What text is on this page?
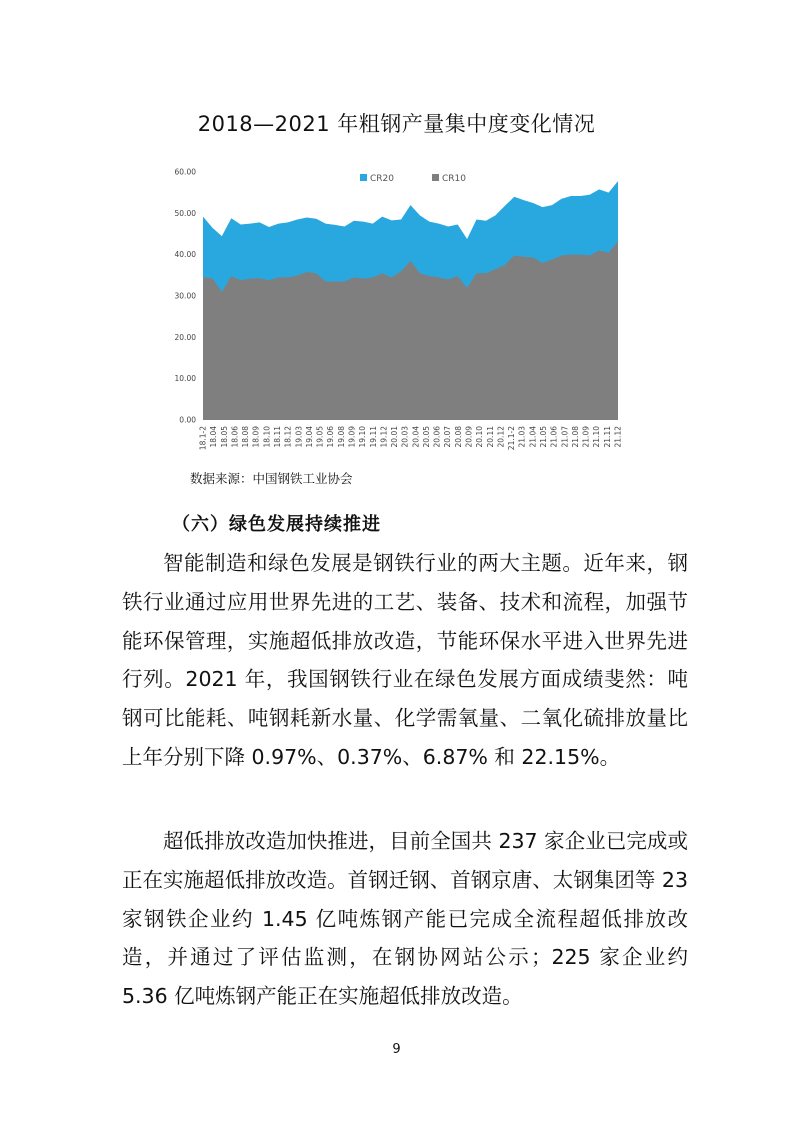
2018—2021 年粗钢产量集中度变化情况
CR20	CR10
0.00
10.00
20.00
30.00
40.00
50.00
60.00
18.1-2 18.04 18.05 18.06 18.08 18.09 18.10 18.11 18.12 19.03 19.04 19.05 19.06 19.08 19.09 19.10 19.11 19.12 20.01 20.03 20.04 20.05 20.06 20.07 20.08 20.09 20.10 20.11 20.12 21.1-2 21.03 21.04 21.05 21.06 21.07 21.08 21.09 21.10 21.11 21.12
数据来源：中国钢铁工业协会
（六）绿色发展持续推进

智能制造和绿色发展是钢铁行业的两大主题。近年来，钢铁行业通过应用世界先进的工艺、装备、技术和流程，加强节能环保管理，实施超低排放改造，节能环保水平进入世界先进行列。2021 年，我国钢铁行业在绿色发展方面成绩斐然：吨钢可比能耗、吨钢耗新水量、化学需氧量、二氧化硫排放量比上年分别下降 0.97%、0.37%、6.87% 和 22.15%。

超低排放改造加快推进，目前全国共 237 家企业已完成或正在实施超低排放改造。首钢迁钢、首钢京唐、太钢集团等 23 家钢铁企业约 1.45 亿吨炼钢产能已完成全流程超低排放改造，并通过了评估监测，在钢协网站公示；225 家企业约 5.36 亿吨炼钢产能正在实施超低排放改造。

9
